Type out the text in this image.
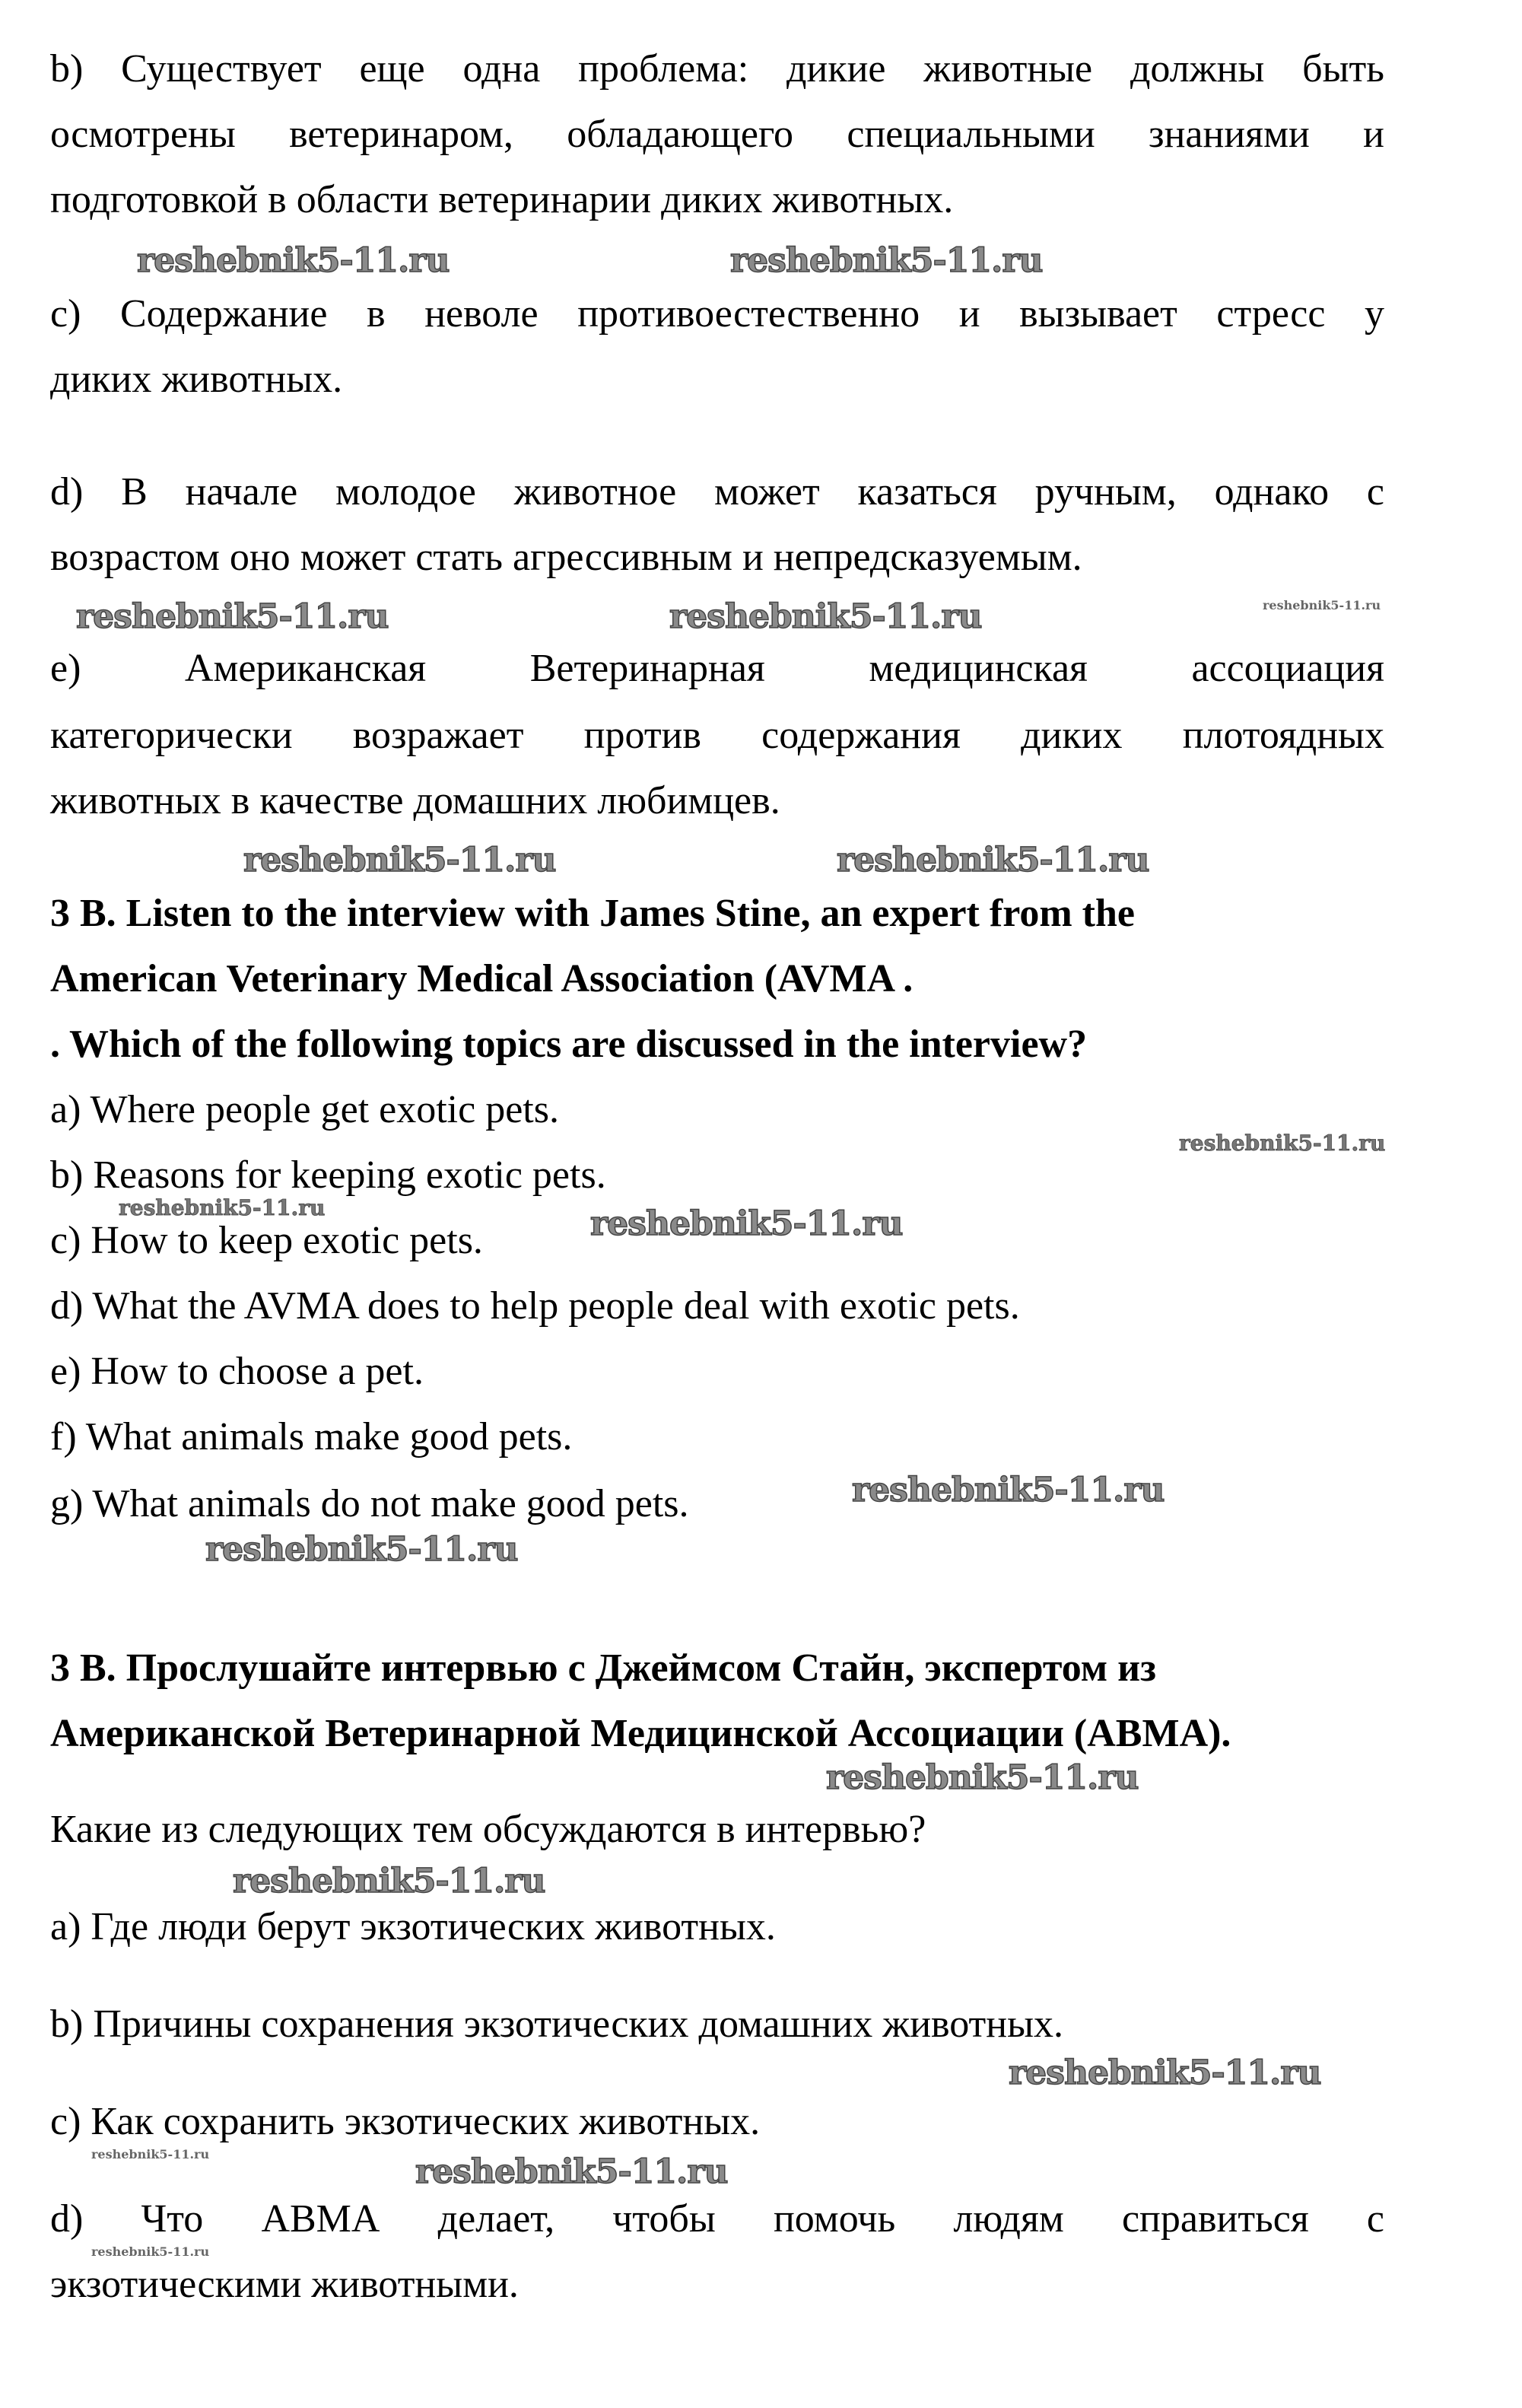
b) Существует еще одна проблема: дикие животные должны быть
осмотрены ветеринаром, обладающего специальными знаниями и
подготовкой в области ветеринарии диких животных.
c) Содержание в неволе противоестественно и вызывает стресс у
диких животных.
d) В начале молодое животное может казаться ручным, однако с
возрастом оно может стать агрессивным и непредсказуемым.
e) Американская Ветеринарная медицинская ассоциация
категорически возражает против содержания диких плотоядных
животных в качестве домашних любимцев.
3 B. Listen to the interview with James Stine, an expert from the
American Veterinary Medical Association (AVMA .
. Which of the following topics are discussed in the interview?
a) Where people get exotic pets.
b) Reasons for keeping exotic pets.
c) How to keep exotic pets.
d) What the AVMA does to help people deal with exotic pets.
e) How to choose a pet.
f) What animals make good pets.
g) What animals do not make good pets.
3 B. Прослушайте интервью с Джеймсом Стайн, экспертом из
Американской Ветеринарной Медицинской Ассоциации (АВМА).
Какие из следующих тем обсуждаются в интервью?
a) Где люди берут экзотических животных.
b) Причины сохранения экзотических домашних животных.
c) Как сохранить экзотических животных.
d) Что АВМА делает, чтобы помочь людям справиться с
экзотическими животными.
reshebnik5-11.ru	reshebnik5-11.ru
reshebnik5-11.ru	reshebnik5-11.ru	reshebnik5-11.ru
reshebnik5-11.ru	reshebnik5-11.ru
reshebnik5-11.ru
reshebnik5-11.ru	reshebnik5-11.ru
reshebnik5-11.ru
reshebnik5-11.ru
reshebnik5-11.ru
reshebnik5-11.ru
reshebnik5-11.ru
reshebnik5-11.ru	reshebnik5-11.ru
reshebnik5-11.ru
